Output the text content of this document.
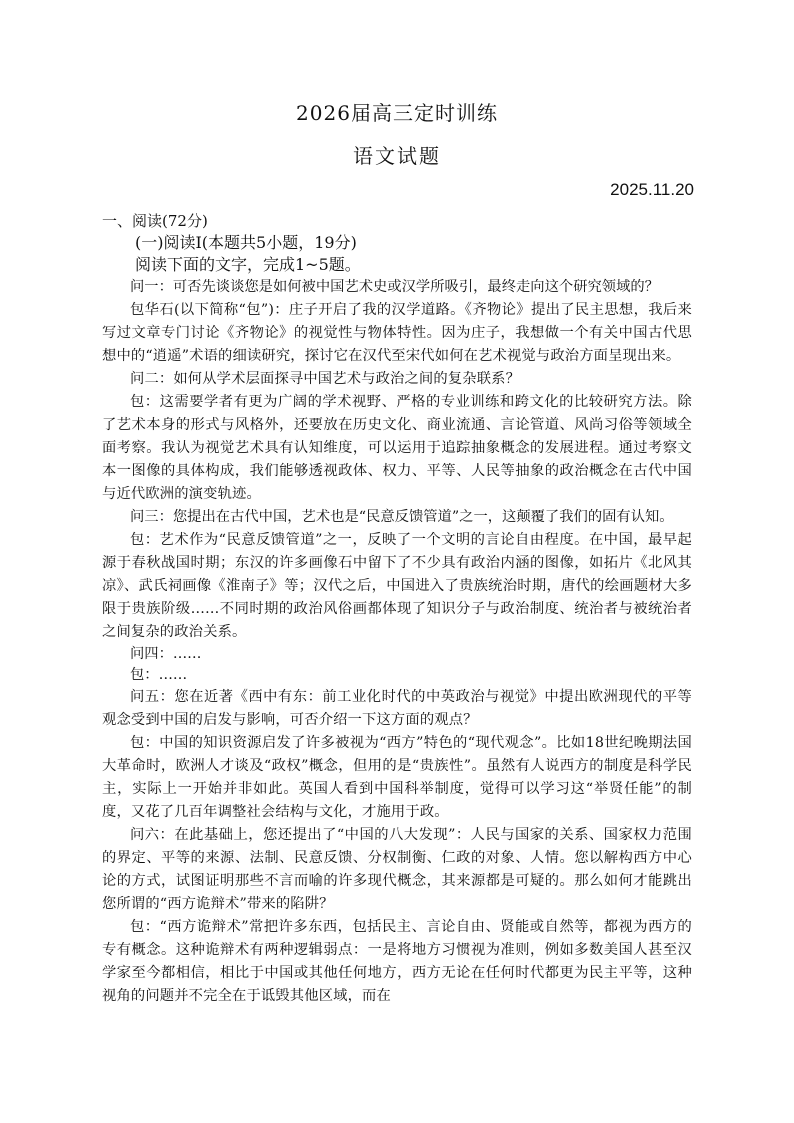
2026届高三定时训练
语文试题
2025.11.20
一、阅读(72分)
(一)阅读Ⅰ(本题共5小题，19分)
阅读下面的文字，完成1~5题。

问一：可否先谈谈您是如何被中国艺术史或汉学所吸引，最终走向这个研究领域的？

包华石(以下简称“包”)：庄子开启了我的汉学道路。《齐物论》提出了民主思想，我后来写过文章专门讨论《齐物论》的视觉性与物体特性。因为庄子，我想做一个有关中国古代思想中的“逍遥”术语的细读研究，探讨它在汉代至宋代如何在艺术视觉与政治方面呈现出来。

问二：如何从学术层面探寻中国艺术与政治之间的复杂联系？

包：这需要学者有更为广阔的学术视野、严格的专业训练和跨文化的比较研究方法。除了艺术本身的形式与风格外，还要放在历史文化、商业流通、言论管道、风尚习俗等领域全面考察。我认为视觉艺术具有认知维度，可以运用于追踪抽象概念的发展进程。通过考察文本一图像的具体构成，我们能够透视政体、权力、平等、人民等抽象的政治概念在古代中国与近代欧洲的演变轨迹。

问三：您提出在古代中国，艺术也是“民意反馈管道”之一，这颠覆了我们的固有认知。

包：艺术作为“民意反馈管道”之一，反映了一个文明的言论自由程度。在中国，最早起源于春秋战国时期；东汉的许多画像石中留下了不少具有政治内涵的图像，如拓片《北风其凉》、武氏祠画像《淮南子》等；汉代之后，中国进入了贵族统治时期，唐代的绘画题材大多限于贵族阶级……不同时期的政治风俗画都体现了知识分子与政治制度、统治者与被统治者之间复杂的政治关系。

问四：……

包：……

问五：您在近著《西中有东：前工业化时代的中英政治与视觉》中提出欧洲现代的平等观念受到中国的启发与影响，可否介绍一下这方面的观点？

包：中国的知识资源启发了许多被视为“西方”特色的“现代观念”。比如18世纪晚期法国大革命时，欧洲人才谈及“政权”概念，但用的是“贵族性”。虽然有人说西方的制度是科学民主，实际上一开始并非如此。英国人看到中国科举制度，觉得可以学习这“举贤任能”的制度，又花了几百年调整社会结构与文化，才施用于政。

问六：在此基础上，您还提出了“中国的八大发现”：人民与国家的关系、国家权力范围的界定、平等的来源、法制、民意反馈、分权制衡、仁政的对象、人情。您以解构西方中心论的方式，试图证明那些不言而喻的许多现代概念，其来源都是可疑的。那么如何才能跳出您所谓的“西方诡辩术”带来的陷阱？

包：“西方诡辩术”常把许多东西，包括民主、言论自由、贤能或自然等，都视为西方的专有概念。这种诡辩术有两种逻辑弱点：一是将地方习惯视为准则，例如多数美国人甚至汉学家至今都相信，相比于中国或其他任何地方，西方无论在任何时代都更为民主平等，这种视角的问题并不完全在于诋毁其他区域，而在
